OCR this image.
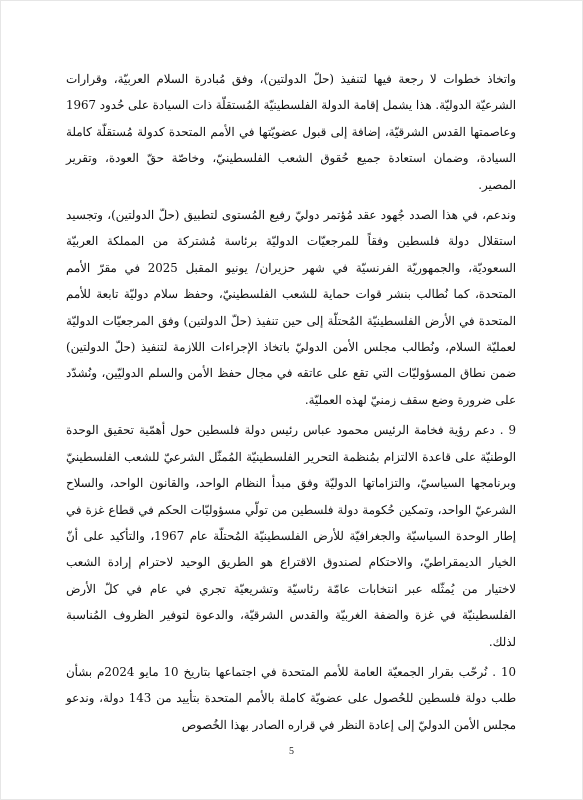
واتخاذ خطوات لا رجعة فيها لتنفيذ (حلّ الدولتين)، وفق مُبادرة السلام العربيّة، وقرارات الشرعيّة الدوليّة. هذا يشمل إقامة الدولة الفلسطينيّة المُستقلّة ذات السيادة على حُدود 1967 وعاصمتها القدس الشرقيّة، إضافة إلى قبول عضويّتها في الأمم المتحدة كدولة مُستقلّة كاملة السيادة، وضمان استعادة جميع حُقوق الشعب الفلسطينيّ، وخاصّة حقّ العودة، وتقرير المصير.

وندعم، في هذا الصدد جُهود عقد مُؤتمر دوليّ رفيع المُستوى لتطبيق (حلّ الدولتين)، وتجسيد استقلال دولة فلسطين وفقاً للمرجعيّات الدوليّة برئاسة مُشتركة من المملكة العربيّة السعوديّة، والجمهوريّة الفرنسيّة في شهر حزيران/ يونيو المقبل 2025 في مقرّ الأمم المتحدة، كما نُطالب بنشر قوات حماية للشعب الفلسطينيّ، وحفظ سلام دوليّة تابعة للأمم المتحدة في الأرض الفلسطينيّة المُحتلّة إلى حين تنفيذ (حلّ الدولتين) وفق المرجعيّات الدوليّة لعمليّة السلام، ونُطالب مجلس الأمن الدوليّ باتخاذ الإجراءات اللازمة لتنفيذ (حلّ الدولتين) ضمن نطاق المسؤوليّات التي تقع على عاتقه في مجال حفظ الأمن والسلم الدوليّين، ونُشدّد على ضرورة وضع سقف زمنيّ لهذه العمليّة.

9 . دعم رؤية فخامة الرئيس محمود عباس رئيس دولة فلسطين حول أهمّية تحقيق الوحدة الوطنيّة على قاعدة الالتزام بمُنظمة التحرير الفلسطينيّة المُمثّل الشرعيّ للشعب الفلسطينيّ وبرنامجها السياسيّ، والتزاماتها الدوليّة وفق مبدأ النظام الواحد، والقانون الواحد، والسلاح الشرعيّ الواحد، وتمكين حُكومة دولة فلسطين من تولّي مسؤوليّات الحكم في قطاع غزة في إطار الوحدة السياسيّة والجغرافيّة للأرض الفلسطينيّة المُحتلّة عام 1967، والتأكيد على أنّ الخيار الديمقراطيّ، والاحتكام لصندوق الاقتراع هو الطريق الوحيد لاحترام إرادة الشعب لاختيار من يُمثّله عبر انتخابات عامّة رئاسيّة وتشريعيّة تجري في عام في كلّ الأرض الفلسطينيّة في غزة والضفة الغربيّة والقدس الشرقيّة، والدعوة لتوفير الظروف المُناسبة لذلك.

10 . نُرحّب بقرار الجمعيّة العامة للأمم المتحدة في اجتماعها بتاريخ 10 مايو 2024م بشأن طلب دولة فلسطين للحُصول على عضويّة كاملة بالأمم المتحدة بتأييد من 143 دولة، وندعو مجلس الأمن الدوليّ إلى إعادة النظر في قراره الصادر بهذا الخُصوص

5
